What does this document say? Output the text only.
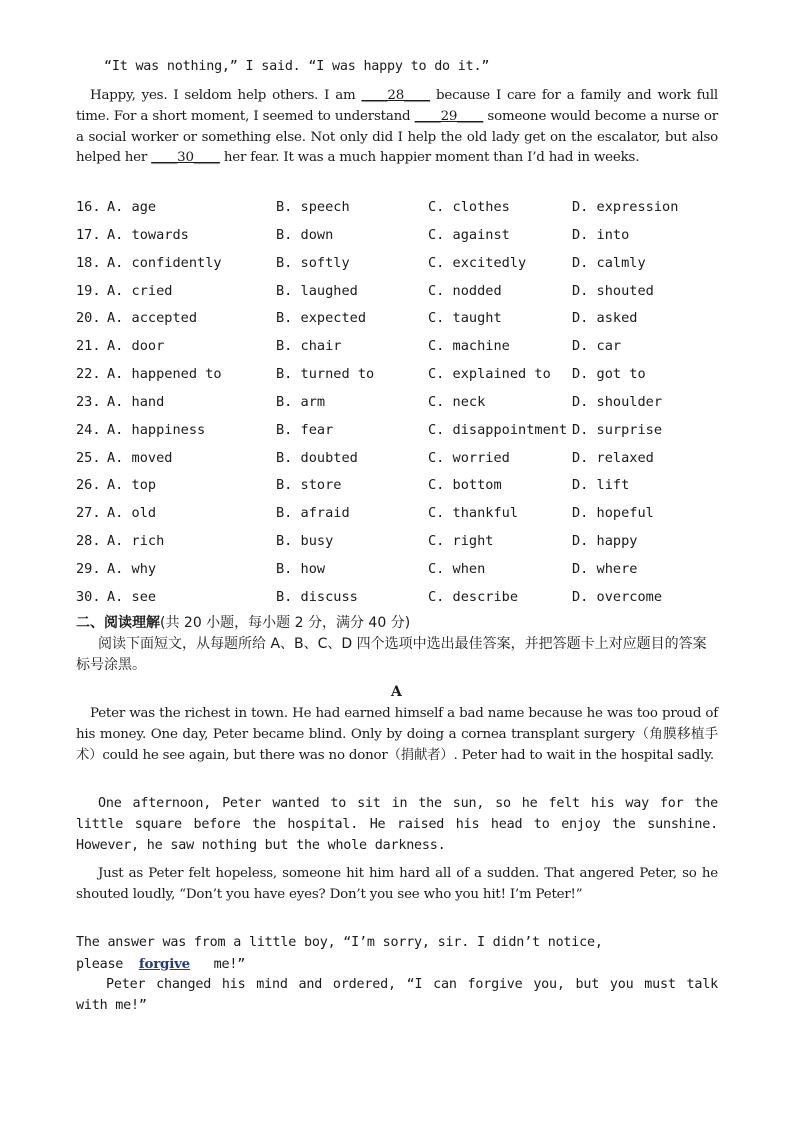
“It was nothing,” I said. “I was happy to do it.”

Happy, yes. I seldom help others. I am ____28____ because I care for a family and work full time. For a short moment, I seemed to understand ____29____ someone would become a nurse or a social worker or something else. Not only did I help the old lady get on the escalator, but also helped her ____30____ her fear. It was a much happier moment than I’d had in weeks.

16. A. age	B. speech	C. clothes	D. expression
17. A. towards	B. down	C. against	D. into
18. A. confidently	B. softly	C. excitedly	D. calmly
19. A. cried	B. laughed	C. nodded	D. shouted
20. A. accepted	B. expected	C. taught	D. asked
21. A. door	B. chair	C. machine	D. car
22. A. happened to	B. turned to	C. explained to D. got to
23. A. hand	B. arm	C. neck	D. shoulder
24. A. happiness	B. fear	C. disappointment D. surprise
25. A. moved	B. doubted	C. worried	D. relaxed
26. A. top	B. store	C. bottom	D. lift
27. A. old	B. afraid	C. thankful	D. hopeful
28. A. rich	B. busy	C. right	D. happy
29. A. why	B. how	C. when	D. where
30. A. see	B. discuss	C. describe	D. overcome
二、阅读理解(共 20 小题，每小题 2 分，满分 40 分)

阅读下面短文，从每题所给 A、B、C、D 四个选项中选出最佳答案，并把答题卡上对应题目的答案标号涂黑。

A

Peter was the richest in town. He had earned himself a bad name because he was too proud of his money. One day, Peter became blind. Only by doing a cornea transplant surgery（角膜移植手术）could he see again, but there was no donor（捐献者）. Peter had to wait in the hospital sadly.

One afternoon, Peter wanted to sit in the sun, so he felt his way for the little square before the hospital. He raised his head to enjoy the sunshine. However, he saw nothing but the whole darkness.

Just as Peter felt hopeless, someone hit him hard all of a sudden. That angered Peter, so he shouted loudly, “Don’t you have eyes? Don’t you see who you hit! I’m Peter!”

The answer was from a little boy, “I’m sorry, sir. I didn’t notice,
please forgive me!”

Peter changed his mind and ordered, “I can forgive you, but you must talk with me!”
